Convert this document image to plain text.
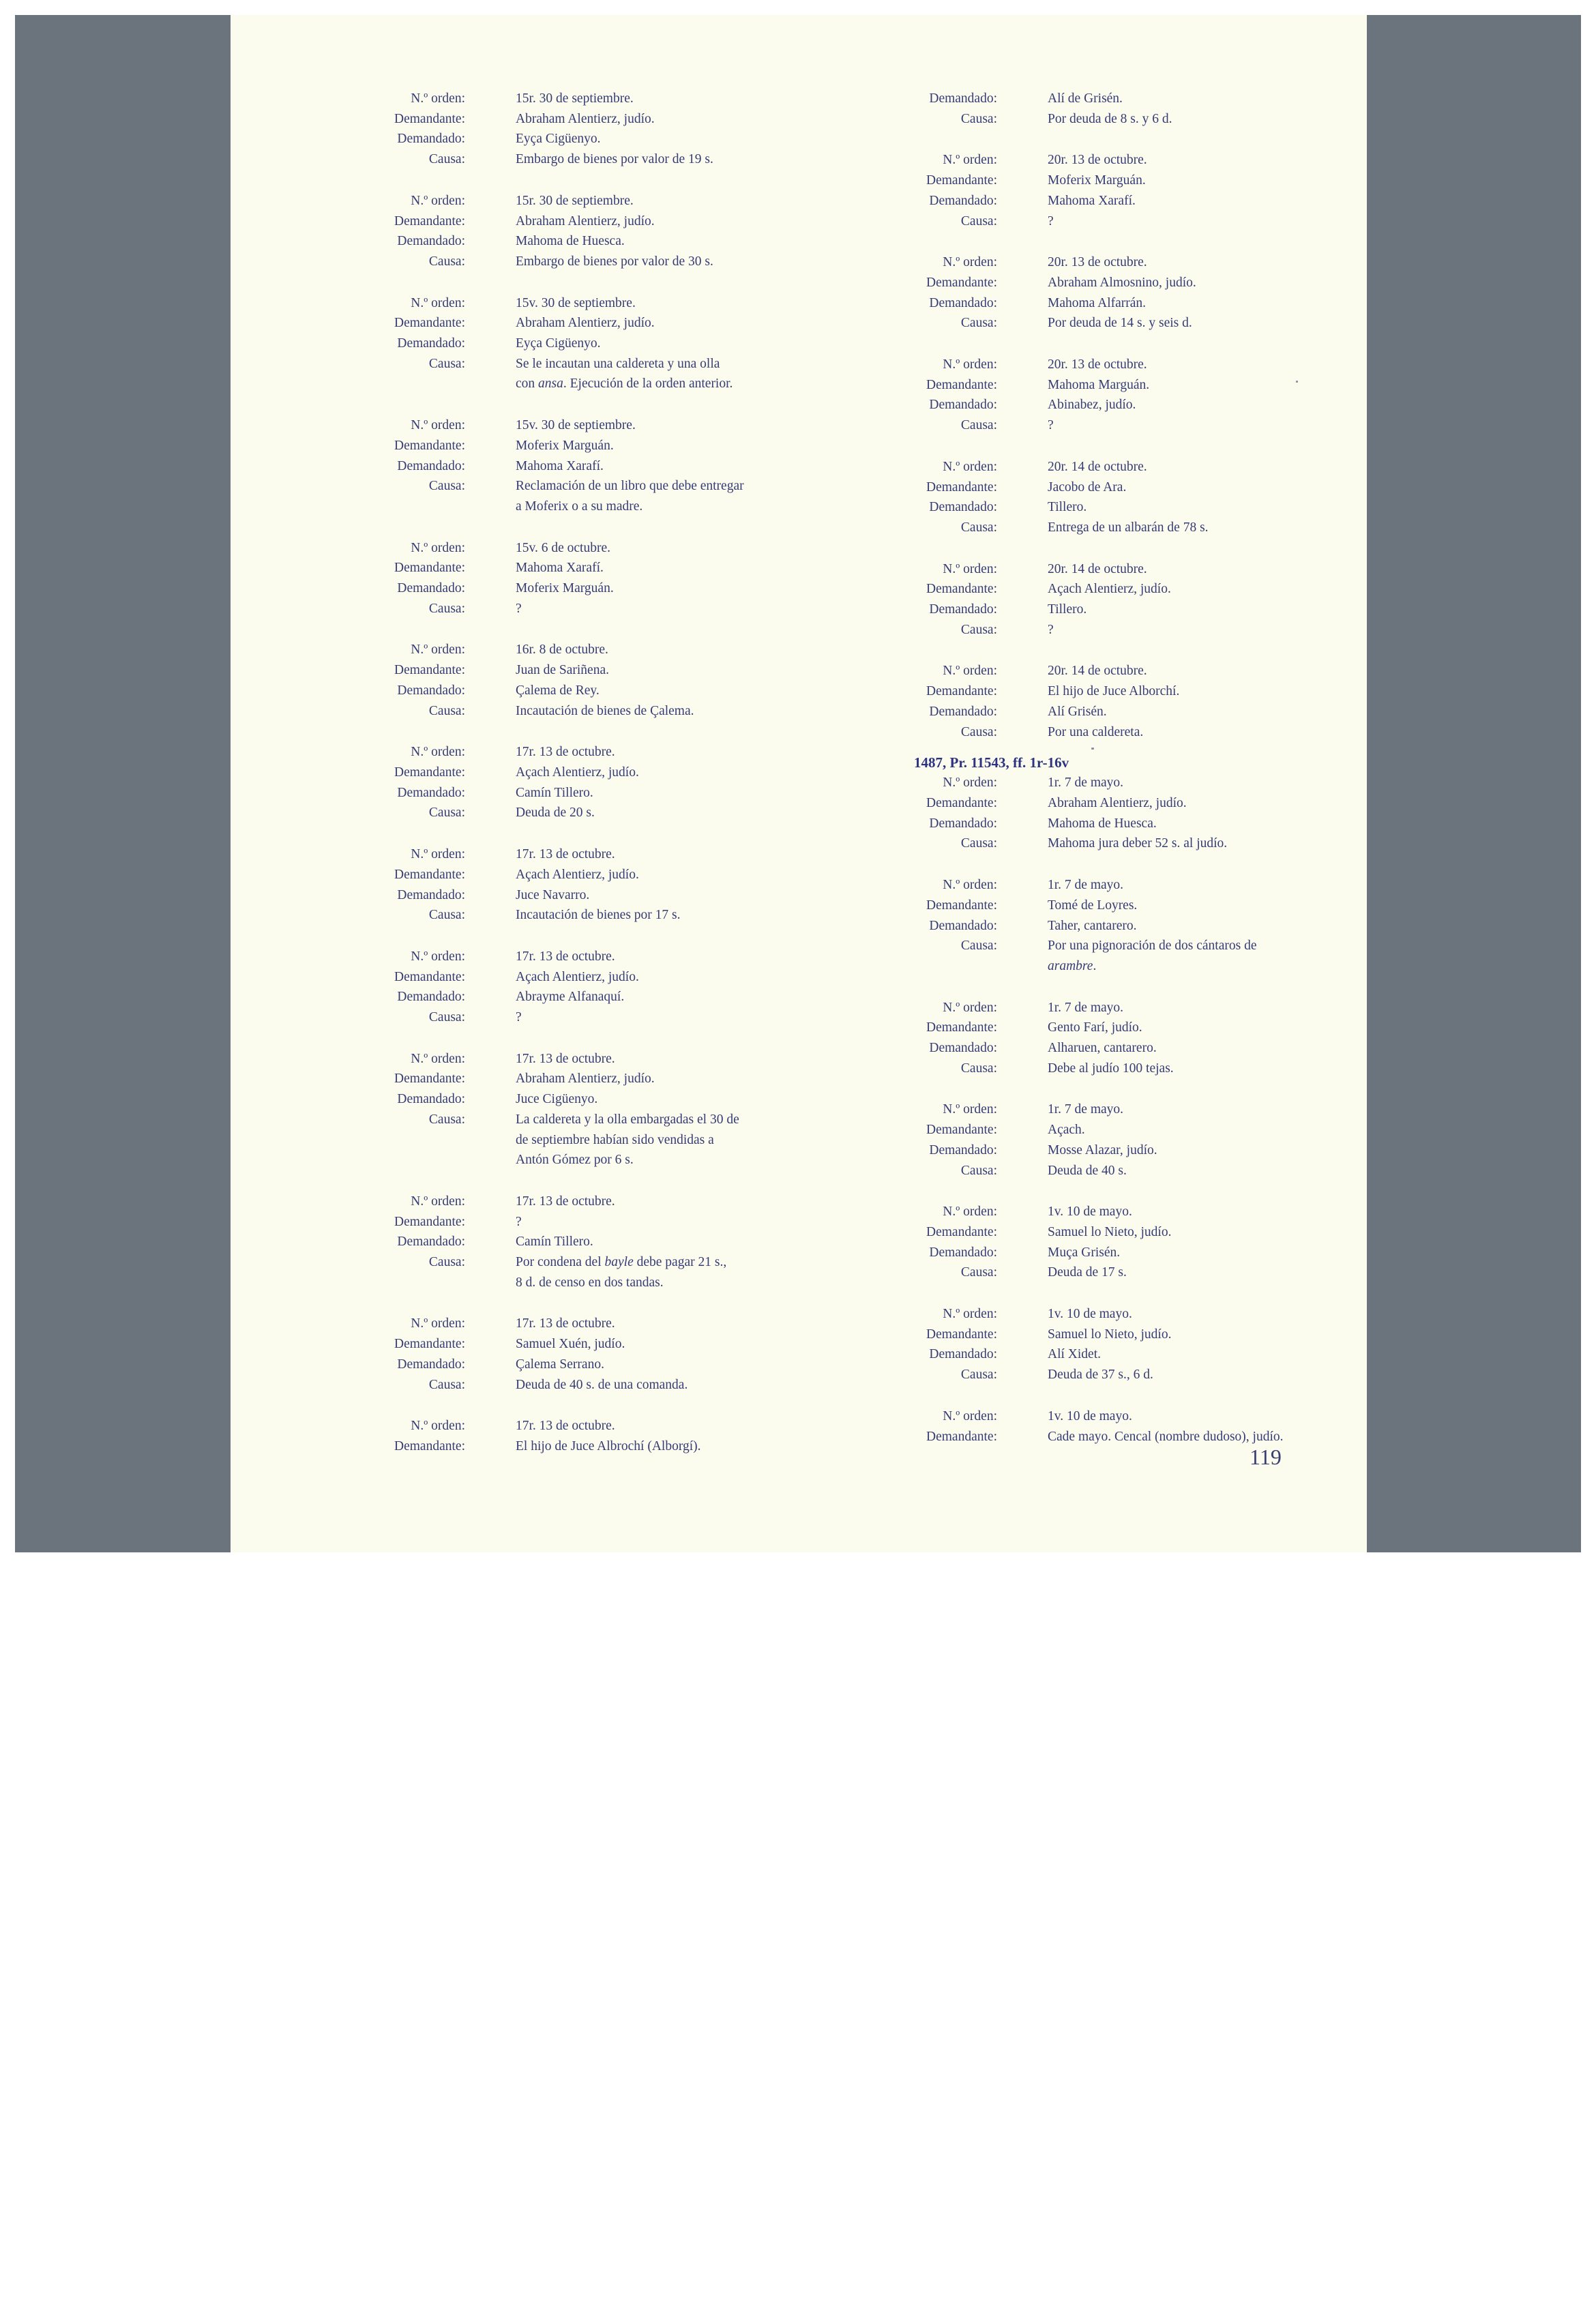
N.º orden:	15r. 30 de septiembre.
Demandante:	Abraham Alentierz, judío.
Demandado:	Eyça Cigüenyo.
Causa:	Embargo de bienes por valor de 19 s.
N.º orden:	15r. 30 de septiembre.
Demandante:	Abraham Alentierz, judío.
Demandado:	Mahoma de Huesca.
Causa:	Embargo de bienes por valor de 30 s.
N.º orden:	15v. 30 de septiembre.
Demandante:	Abraham Alentierz, judío.
Demandado:	Eyça Cigüenyo.
Causa:	Se le incautan una caldereta y una olla
con ansa. Ejecución de la orden anterior.
N.º orden:	15v. 30 de septiembre.
Demandante:	Moferix Marguán.
Demandado:	Mahoma Xarafí.
Causa:	Reclamación de un libro que debe entregar
a Moferix o a su madre.
N.º orden:	15v. 6 de octubre.
Demandante:	Mahoma Xarafí.
Demandado:	Moferix Marguán.
Causa:	?
N.º orden:	16r. 8 de octubre.
Demandante:	Juan de Sariñena.
Demandado:	Çalema de Rey.
Causa:	Incautación de bienes de Çalema.
N.º orden:	17r. 13 de octubre.
Demandante:	Açach Alentierz, judío.
Demandado:	Camín Tillero.
Causa:	Deuda de 20 s.
N.º orden:	17r. 13 de octubre.
Demandante:	Açach Alentierz, judío.
Demandado:	Juce Navarro.
Causa:	Incautación de bienes por 17 s.
N.º orden:	17r. 13 de octubre.
Demandante:	Açach Alentierz, judío.
Demandado:	Abrayme Alfanaquí.
Causa:	?
N.º orden:	17r. 13 de octubre.
Demandante:	Abraham Alentierz, judío.
Demandado:	Juce Cigüenyo.
Causa:	La caldereta y la olla embargadas el 30 de
de septiembre habían sido vendidas a
Antón Gómez por 6 s.
N.º orden:	17r. 13 de octubre.
Demandante:	?
Demandado:	Camín Tillero.
Causa:	Por condena del bayle debe pagar 21 s.,
8 d. de censo en dos tandas.
N.º orden:	17r. 13 de octubre.
Demandante:	Samuel Xuén, judío.
Demandado:	Çalema Serrano.
Causa:	Deuda de 40 s. de una comanda.
N.º orden:	17r. 13 de octubre.
Demandante:	El hijo de Juce Albrochí (Alborgí).
Demandado:	Alí de Grisén.
Causa:	Por deuda de 8 s. y 6 d.
N.º orden:	20r. 13 de octubre.
Demandante:	Moferix Marguán.
Demandado:	Mahoma Xarafí.
Causa:	?
N.º orden:	20r. 13 de octubre.
Demandante:	Abraham Almosnino, judío.
Demandado:	Mahoma Alfarrán.
Causa:	Por deuda de 14 s. y seis d.
N.º orden:	20r. 13 de octubre.
Demandante:	Mahoma Marguán.
Demandado:	Abinabez, judío.
Causa:	?
N.º orden:	20r. 14 de octubre.
Demandante:	Jacobo de Ara.
Demandado:	Tillero.
Causa:	Entrega de un albarán de 78 s.
N.º orden:	20r. 14 de octubre.
Demandante:	Açach Alentierz, judío.
Demandado:	Tillero.
Causa:	?
N.º orden:	20r. 14 de octubre.
Demandante:	El hijo de Juce Alborchí.
Demandado:	Alí Grisén.
Causa:	Por una caldereta.
1487, Pr. 11543, ff. 1r-16v
N.º orden:	1r. 7 de mayo.
Demandante:	Abraham Alentierz, judío.
Demandado:	Mahoma de Huesca.
Causa:	Mahoma jura deber 52 s. al judío.
N.º orden:	1r. 7 de mayo.
Demandante:	Tomé de Loyres.
Demandado:	Taher, cantarero.
Causa:	Por una pignoración de dos cántaros de
arambre.
N.º orden:	1r. 7 de mayo.
Demandante:	Gento Farí, judío.
Demandado:	Alharuen, cantarero.
Causa:	Debe al judío 100 tejas.
N.º orden:	1r. 7 de mayo.
Demandante:	Açach.
Demandado:	Mosse Alazar, judío.
Causa:	Deuda de 40 s.
N.º orden:	1v. 10 de mayo.
Demandante:	Samuel lo Nieto, judío.
Demandado:	Muça Grisén.
Causa:	Deuda de 17 s.
N.º orden:	1v. 10 de mayo.
Demandante:	Samuel lo Nieto, judío.
Demandado:	Alí Xidet.
Causa:	Deuda de 37 s., 6 d.
N.º orden:	1v. 10 de mayo.
Demandante:	Cade mayo. Cencal (nombre dudoso), judío.
119
